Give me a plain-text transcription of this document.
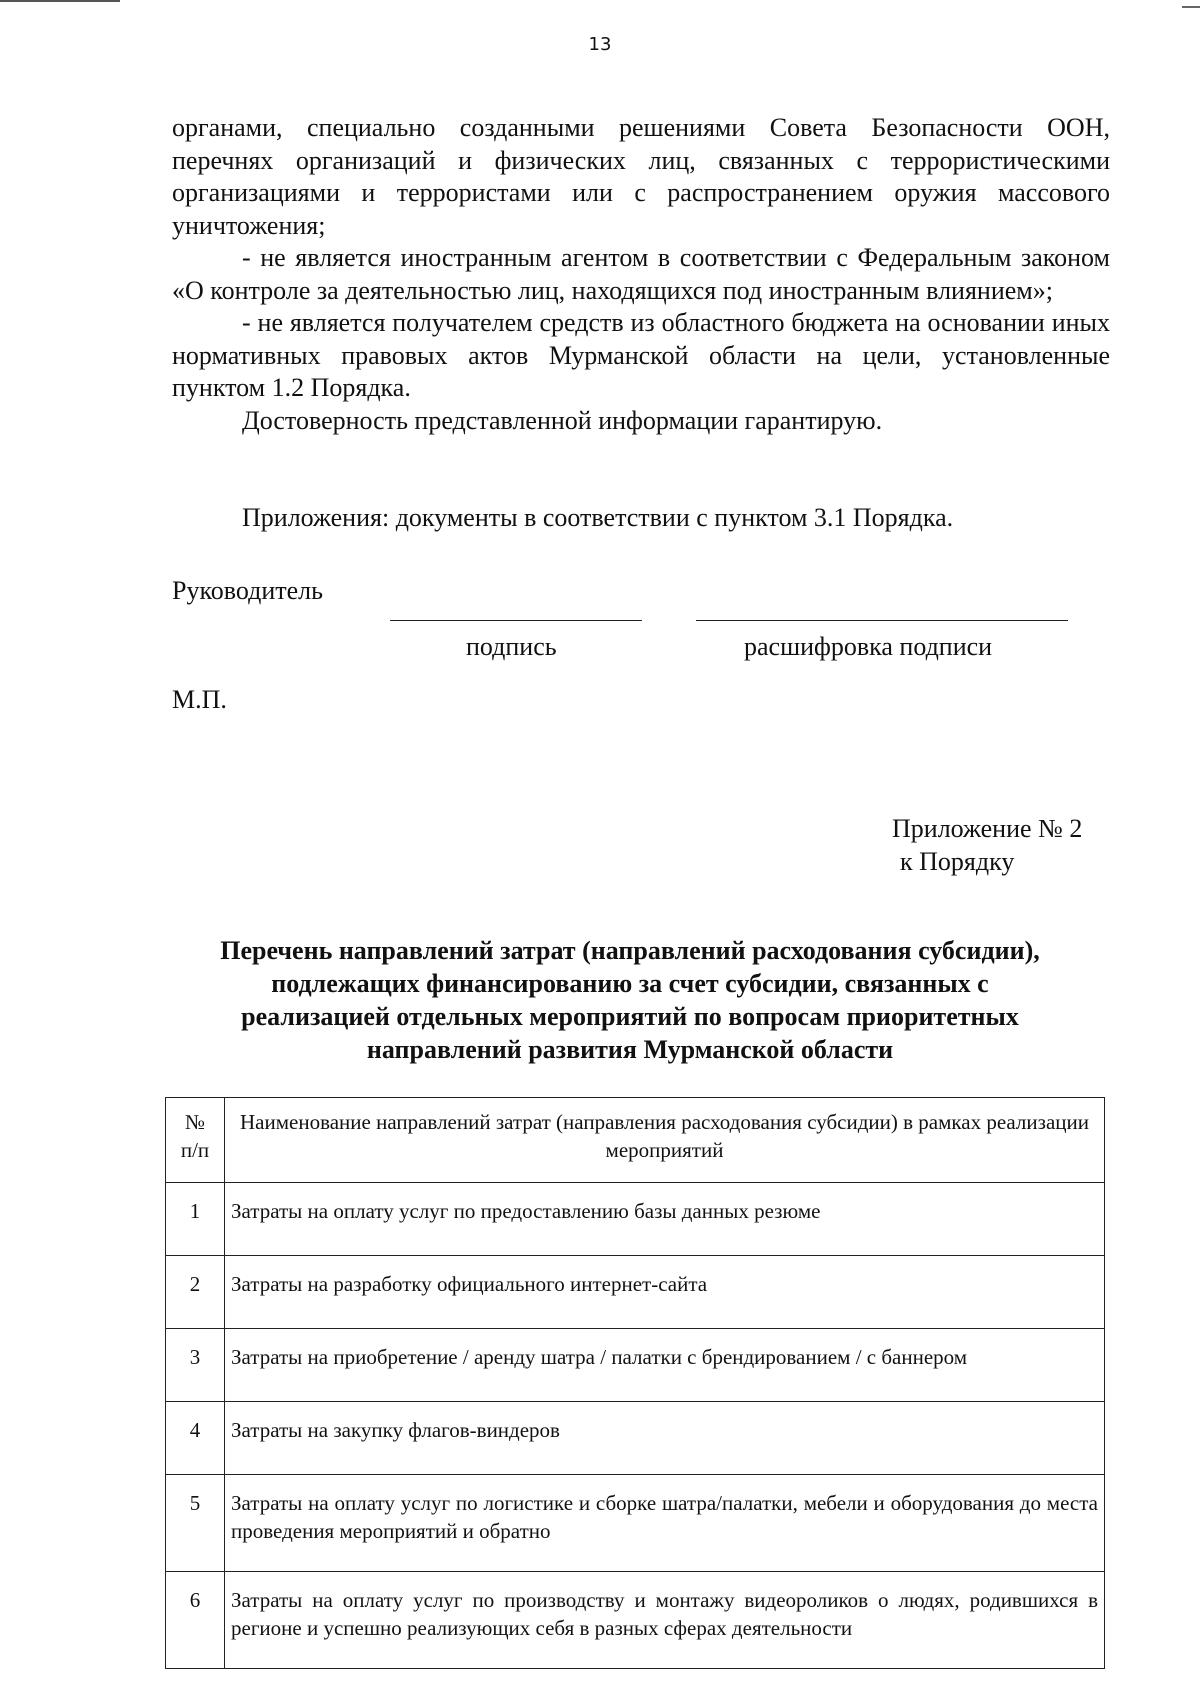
13

органами, специально созданными решениями Совета Безопасности ООН, перечнях организаций и физических лиц, связанных с террористическими организациями и террористами или с распространением оружия массового уничтожения;

- не является иностранным агентом в соответствии с Федеральным законом «О контроле за деятельностью лиц, находящихся под иностранным влиянием»;

- не является получателем средств из областного бюджета на основании иных нормативных правовых актов Мурманской области на цели, установленные пунктом 1.2 Порядка.

Достоверность представленной информации гарантирую.

Приложения: документы в соответствии с пунктом 3.1 Порядка.
Руководитель
подпись	расшифровка подписи
М.П.
Приложение № 2
к Порядку
Перечень направлений затрат (направлений расходования субсидии),
подлежащих финансированию за счет субсидии, связанных с
реализацией отдельных мероприятий по вопросам приоритетных
направлений развития Мурманской области
№
п/п	Наименование направлений затрат (направления расходования субсидии) в рамках реализации мероприятий
1	Затраты на оплату услуг по предоставлению базы данных резюме
2	Затраты на разработку официального интернет-сайта
3	Затраты на приобретение / аренду шатра / палатки с брендированием / с баннером
4	Затраты на закупку флагов-виндеров
5	Затраты на оплату услуг по логистике и сборке шатра/палатки, мебели и оборудования до места проведения мероприятий и обратно
6	Затраты на оплату услуг по производству и монтажу видеороликов о людях, родившихся в регионе и успешно реализующих себя в разных сферах деятельности
